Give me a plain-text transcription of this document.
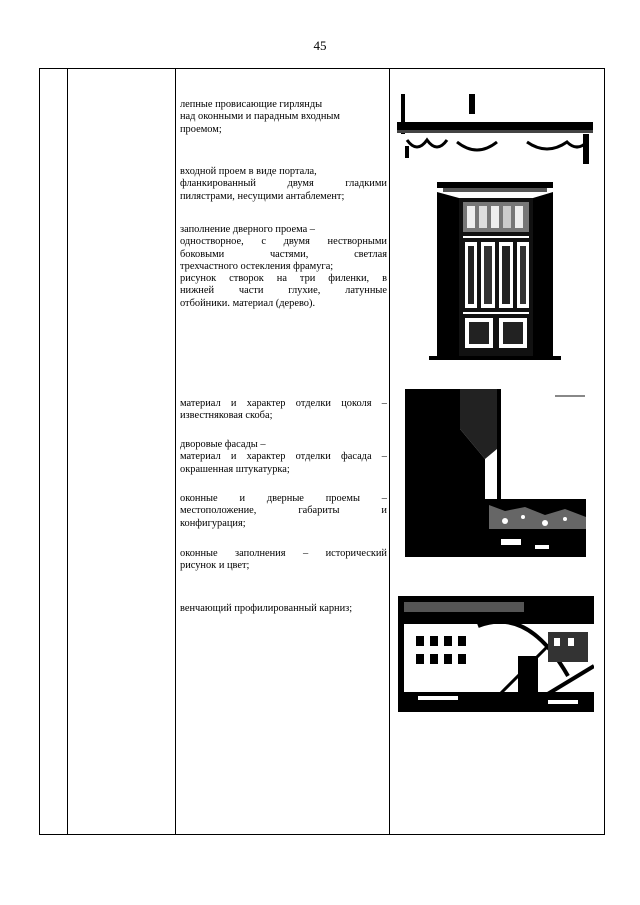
45

лепные провисающие гирлянды

над оконными и парадным входным

проемом;

входной проем в виде портала,

фланкированный двумя гладкими

пилястрами, несущими антаблемент;

заполнение дверного проема –

одностворное, с двумя нестворными

боковыми частями, светлая

трехчастного остекления фрамуга;

рисунок створок на три филенки, в

нижней части глухие, латунные

отбойники. материал (дерево).

материал и характер отделки цоколя –

известняковая скоба;

дворовые фасады –

материал и характер отделки фасада –

окрашенная штукатурка;

оконные и дверные проемы –

местоположение, габариты и

конфигурация;

оконные заполнения – исторический

рисунок и цвет;

венчающий профилированный карниз;
